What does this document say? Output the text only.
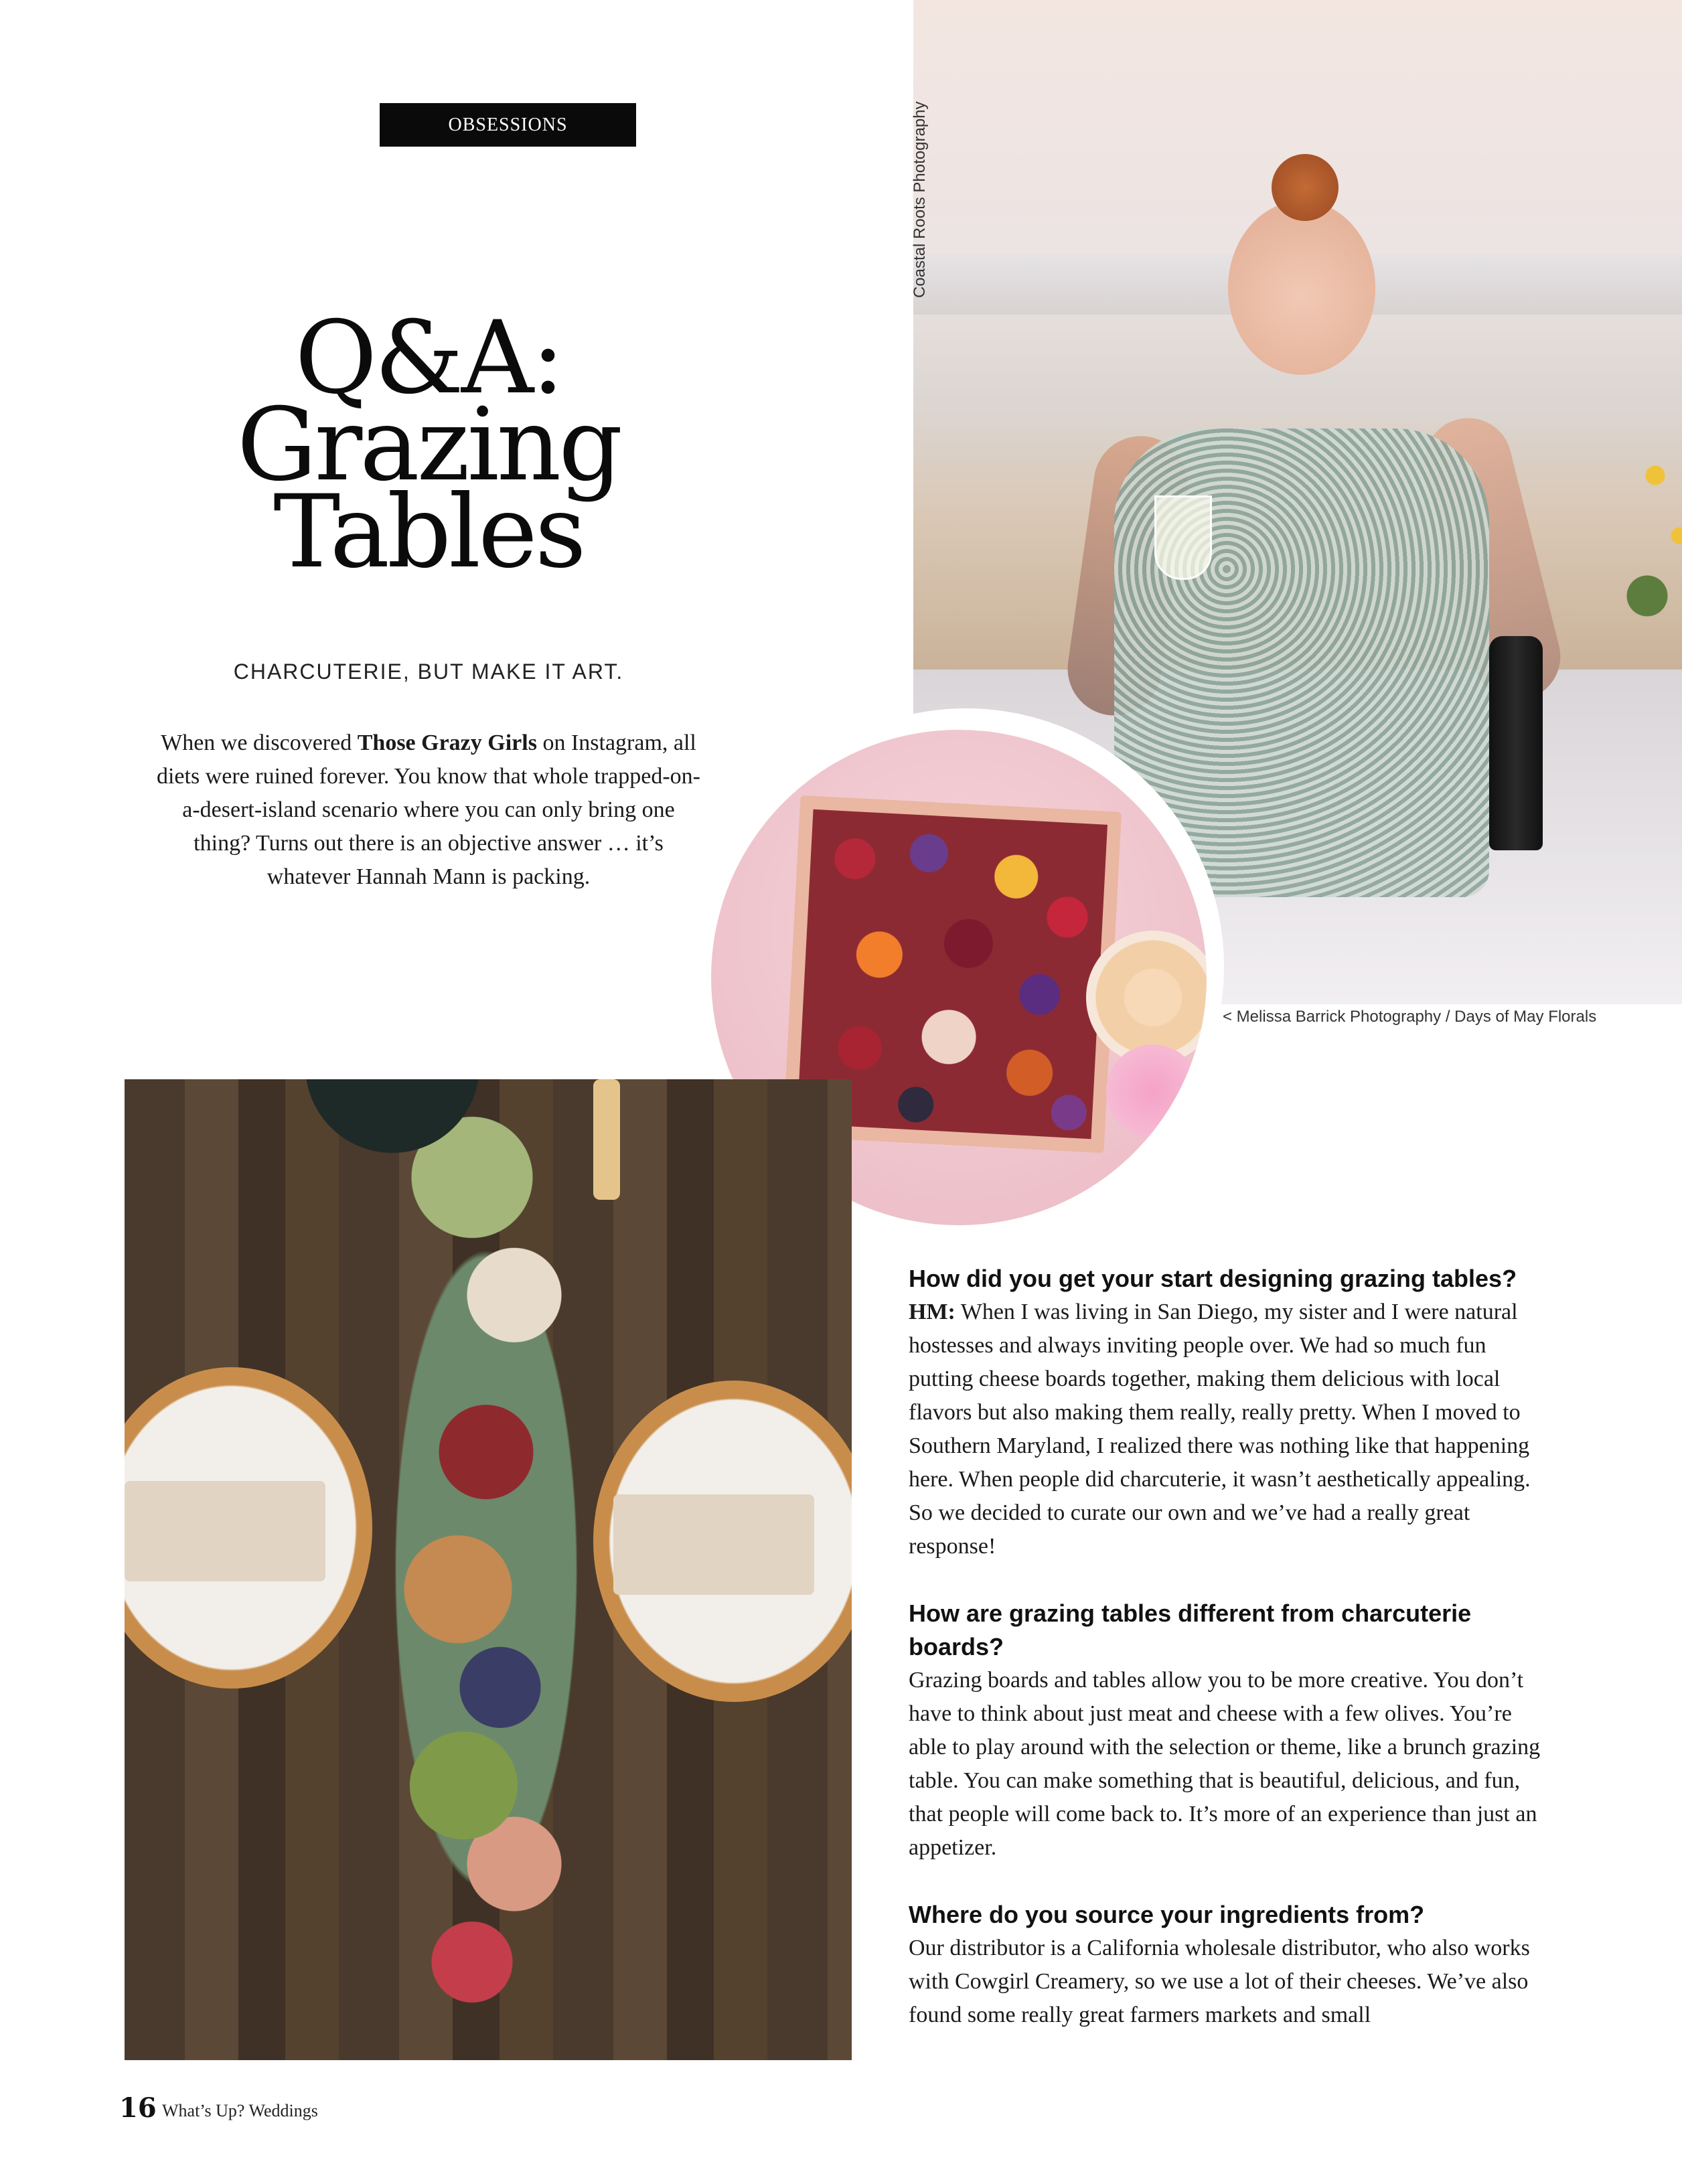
OBSESSIONS
Q&A:
Grazing
Tables
CHARCUTERIE, BUT MAKE IT ART.
When we discovered Those Grazy Girls on Instagram, all diets were ruined forever. You know that whole trapped-on-a-desert-island scenario where you can only bring one thing? Turns out there is an objective answer … it’s whatever Hannah Mann is packing.
Coastal Roots Photography
< Melissa Barrick Photography / Days of May Florals

How did you get your start designing grazing tables?

HM: When I was living in San Diego, my sister and I were natural hostesses and always inviting people over. We had so much fun putting cheese boards together, making them delicious with local flavors but also making them really, really pretty. When I moved to Southern Maryland, I realized there was nothing like that happening here. When people did charcuterie, it wasn’t aesthetically appealing. So we decided to curate our own and we’ve had a really great response!

How are grazing tables different from charcuterie boards?

Grazing boards and tables allow you to be more creative. You don’t have to think about just meat and cheese with a few olives. You’re able to play around with the selection or theme, like a brunch grazing table. You can make something that is beautiful, delicious, and fun, that people will come back to. It’s more of an experience than just an appetizer.

Where do you source your ingredients from?

Our distributor is a California wholesale distributor, who also works with Cowgirl Creamery, so we use a lot of their cheeses. We’ve also found some really great farmers markets and small

16 What’s Up? Weddings
